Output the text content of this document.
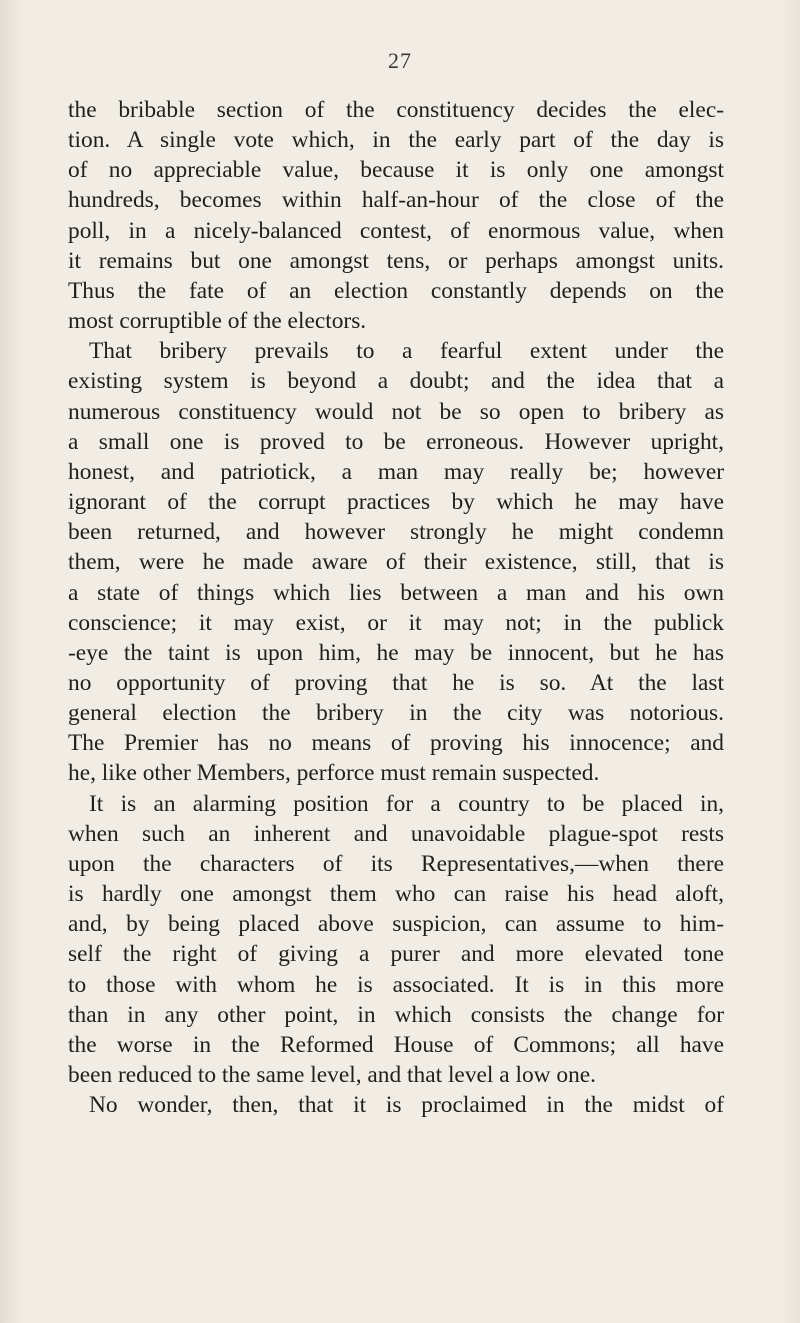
27
the bribable section of the constituency decides the elec-
tion. A single vote which, in the early part of the day is
of no appreciable value, because it is only one amongst
hundreds, becomes within half-an-hour of the close of the
poll, in a nicely-balanced contest, of enormous value, when
it remains but one amongst tens, or perhaps amongst units.
Thus the fate of an election constantly depends on the
most corruptible of the electors.
That bribery prevails to a fearful extent under the
existing system is beyond a doubt; and the idea that a
numerous constituency would not be so open to bribery as
a small one is proved to be erroneous. However upright,
honest, and patriotick, a man may really be; however
ignorant of the corrupt practices by which he may have
been returned, and however strongly he might condemn
them, were he made aware of their existence, still, that is
a state of things which lies between a man and his own
conscience; it may exist, or it may not; in the publick
-eye the taint is upon him, he may be innocent, but he has
no opportunity of proving that he is so. At the last
general election the bribery in the city was notorious.
The Premier has no means of proving his innocence; and
he, like other Members, perforce must remain suspected.
It is an alarming position for a country to be placed in,
when such an inherent and unavoidable plague-spot rests
upon the characters of its Representatives,—when there
is hardly one amongst them who can raise his head aloft,
and, by being placed above suspicion, can assume to him-
self the right of giving a purer and more elevated tone
to those with whom he is associated. It is in this more
than in any other point, in which consists the change for
the worse in the Reformed House of Commons; all have
been reduced to the same level, and that level a low one.
No wonder, then, that it is proclaimed in the midst of
